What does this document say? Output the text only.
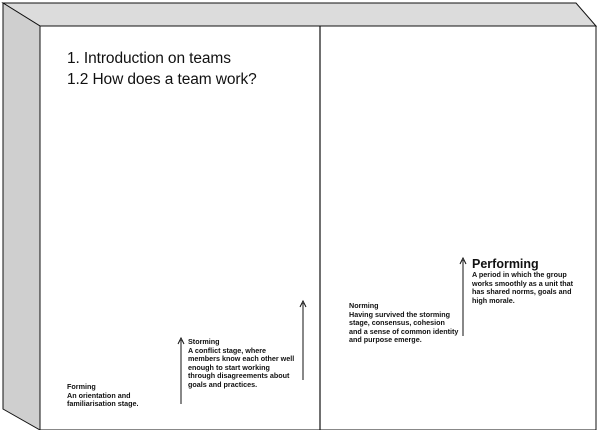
1. Introduction on teams
1.2 How does a team work?
Forming
An orientation and familiarisation stage.
Storming
A conflict stage, where members know each other well enough to start working through disagreements about goals and practices.
Norming
Having survived the storming stage, consensus, cohesion and a sense of common identity and purpose emerge.
Performing
A period in which the group works smoothly as a unit that has shared norms, goals and high morale.
